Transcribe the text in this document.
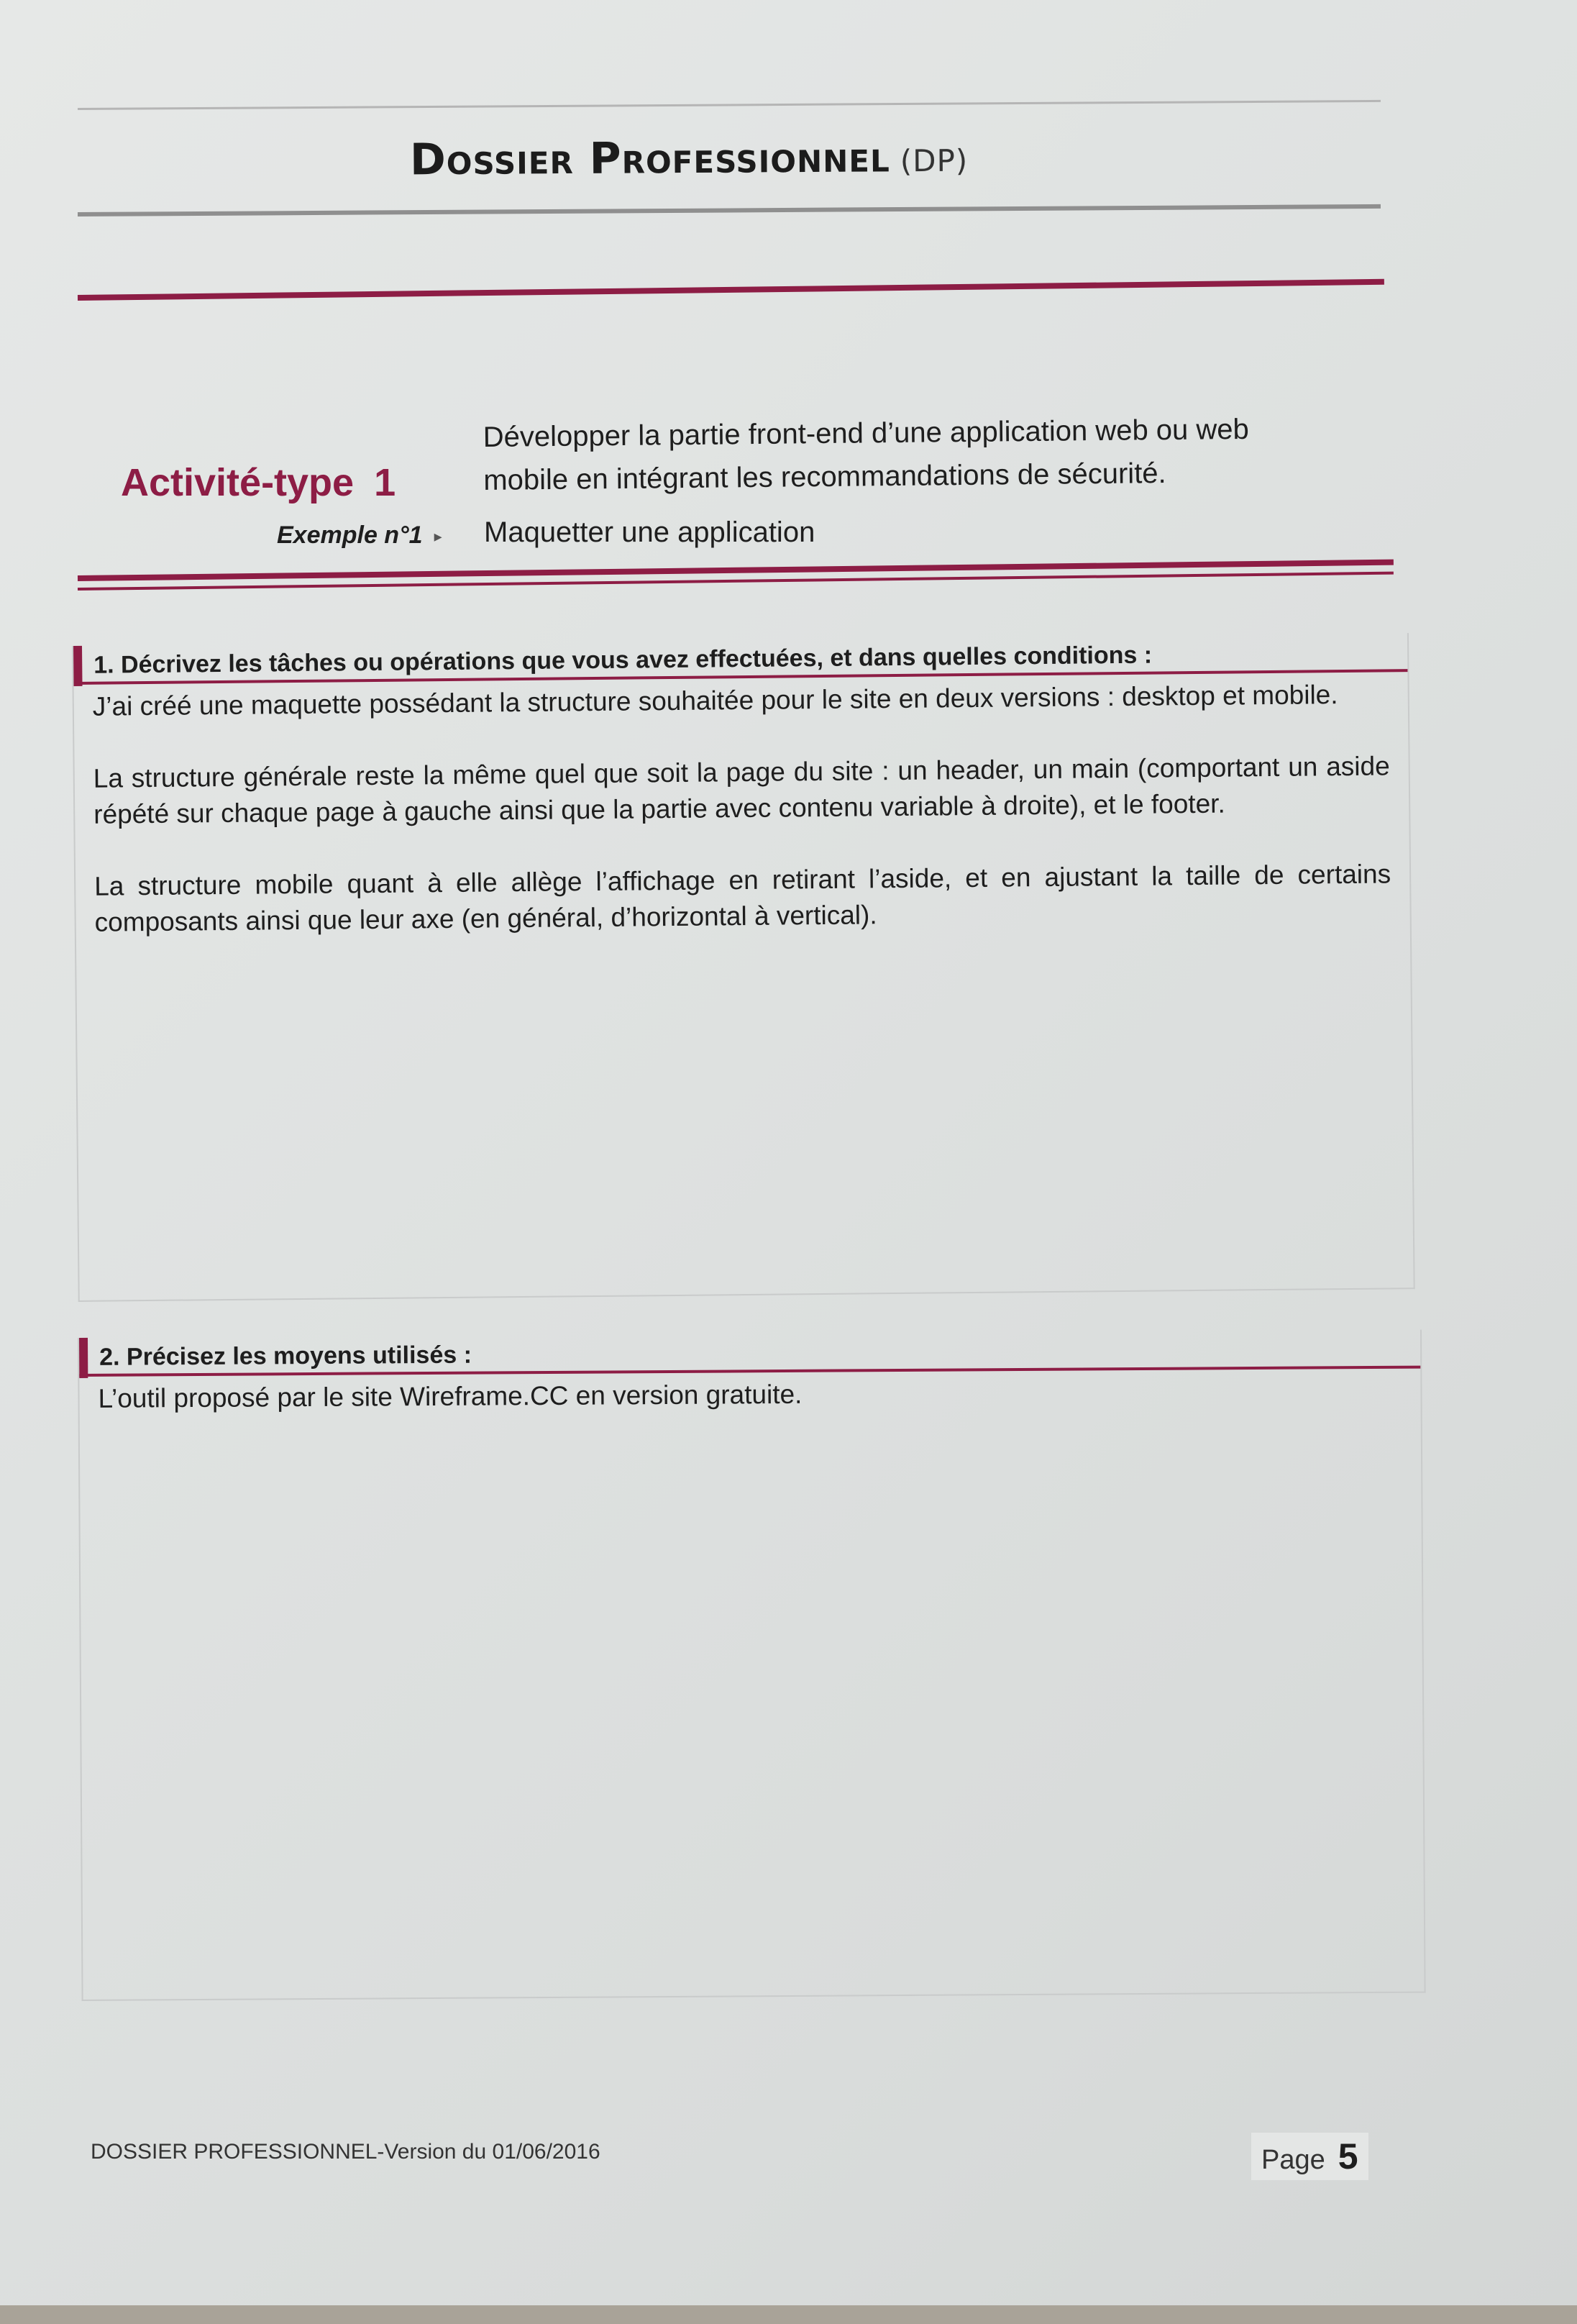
Dossier Professionnel (DP)
Activité-type 1
Développer la partie front-end d’une application web ou web
mobile en intégrant les recommandations de sécurité.
Exemple n°1 ▸ Maquetter une application
1. Décrivez les tâches ou opérations que vous avez effectuées, et dans quelles conditions :

J’ai créé une maquette possédant la structure souhaitée pour le site en deux versions : desktop et mobile.

La structure générale reste la même quel que soit la page du site : un header, un main (comportant un aside répété sur chaque page à gauche ainsi que la partie avec contenu variable à droite), et le footer.

La structure mobile quant à elle allège l’affichage en retirant l’aside, et en ajustant la taille de certains composants ainsi que leur axe (en général, d’horizontal à vertical).

2. Précisez les moyens utilisés :

L’outil proposé par le site Wireframe.CC en version gratuite.

DOSSIER PROFESSIONNEL-Version du 01/06/2016	Page 5
